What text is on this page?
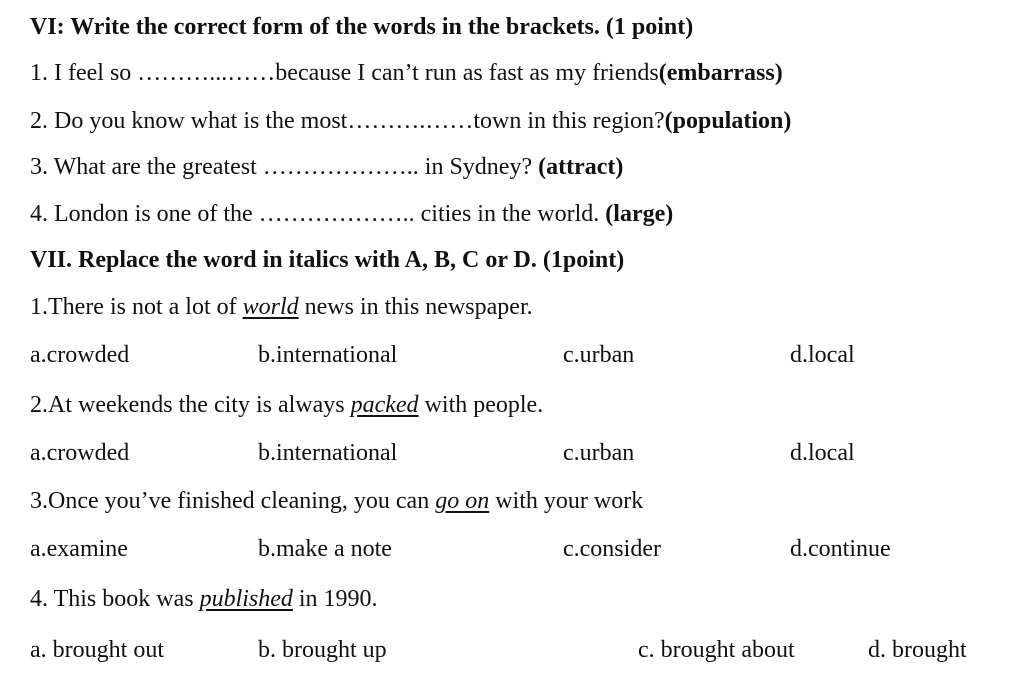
VI: Write the correct form of the words in the brackets. (1 point)
1. I feel so ………...……because I can’t run as fast as my friends(embarrass)
2. Do you know what is the most……….……town in this region?(population)
3. What are the greatest ……………….. in Sydney? (attract)
4. London is one of the ……………….. cities in the world. (large)
VII. Replace the word in italics with A, B, C or D. (1point)
1.There is not a lot of world news in this newspaper.
a.crowded	b.international	c.urban	d.local
2.At weekends the city is always packed with people.
a.crowded	b.international	c.urban	d.local
3.Once you’ve finished cleaning, you can go on with your work
a.examine	b.make a note	c.consider	d.continue
4. This book was published in 1990.
a. brought out	b. brought up	c. brought about	d. brought
